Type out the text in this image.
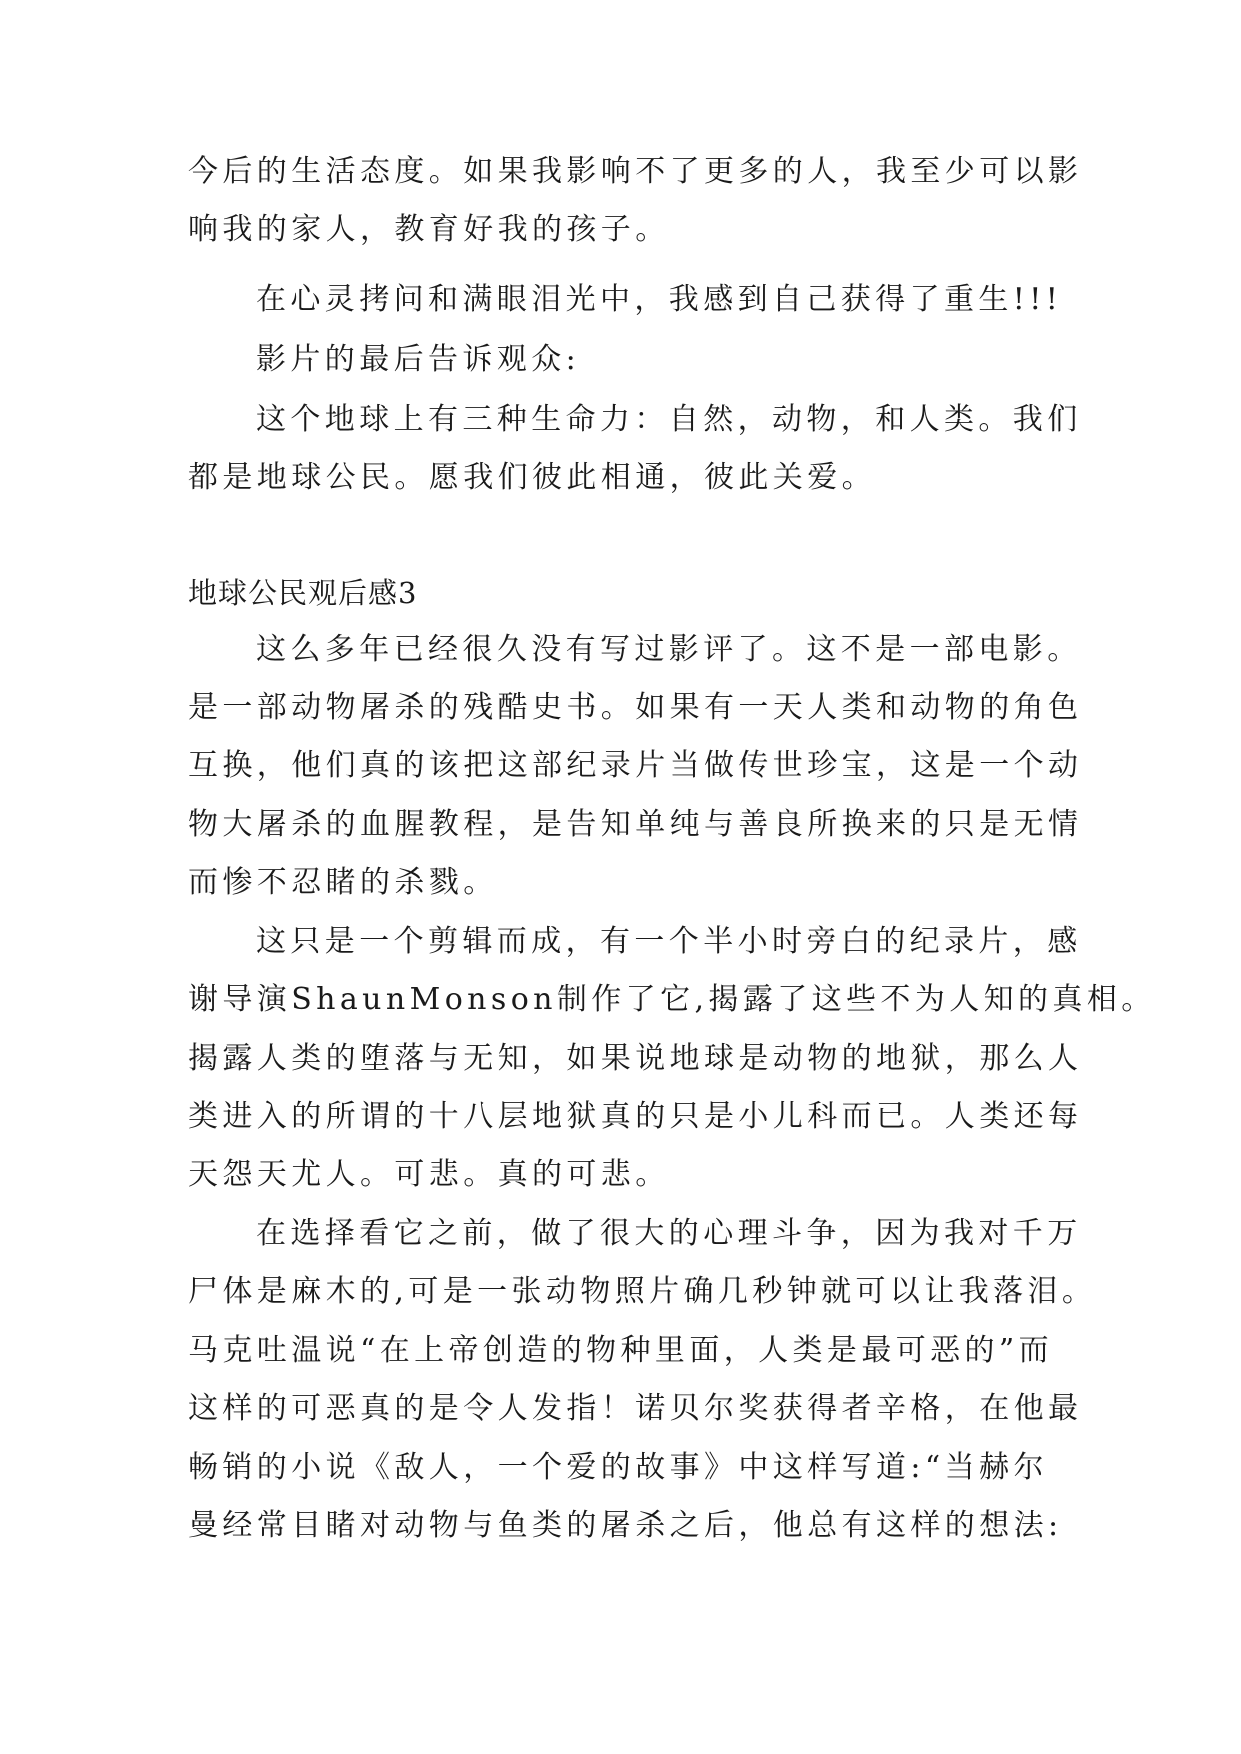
今后的生活态度。如果我影响不了更多的人，我至少可以影
响我的家人，教育好我的孩子。
在心灵拷问和满眼泪光中，我感到自己获得了重生!!!
影片的最后告诉观众:
这个地球上有三种生命力：自然，动物，和人类。我们
都是地球公民。愿我们彼此相通，彼此关爱。
地球公民观后感3
这么多年已经很久没有写过影评了。这不是一部电影。
是一部动物屠杀的残酷史书。如果有一天人类和动物的角色
互换，他们真的该把这部纪录片当做传世珍宝，这是一个动
物大屠杀的血腥教程，是告知单纯与善良所换来的只是无情
而惨不忍睹的杀戮。
这只是一个剪辑而成，有一个半小时旁白的纪录片，感
谢导演ShaunMonson制作了它,揭露了这些不为人知的真相。
揭露人类的堕落与无知，如果说地球是动物的地狱，那么人
类进入的所谓的十八层地狱真的只是小儿科而已。人类还每
天怨天尤人。可悲。真的可悲。
在选择看它之前，做了很大的心理斗争，因为我对千万
尸体是麻木的,可是一张动物照片确几秒钟就可以让我落泪。
马克吐温说“在上帝创造的物种里面，人类是最可恶的”而
这样的可恶真的是令人发指！诺贝尔奖获得者辛格，在他最
畅销的小说《敌人，一个爱的故事》中这样写道:“当赫尔
曼经常目睹对动物与鱼类的屠杀之后，他总有这样的想法:
